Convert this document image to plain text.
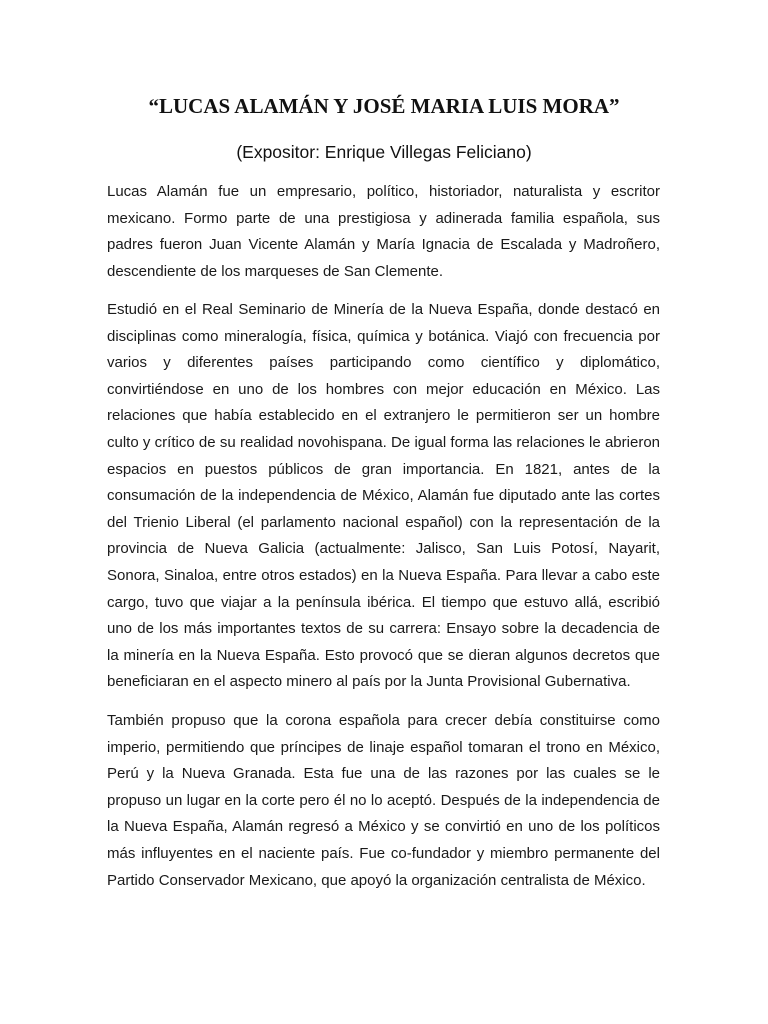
“LUCAS ALAMÁN Y JOSÉ MARIA LUIS MORA”

(Expositor: Enrique Villegas Feliciano)

Lucas Alamán fue un empresario, político, historiador, naturalista y escritor mexicano. Formo parte de una prestigiosa y adinerada familia española, sus padres fueron Juan Vicente Alamán y María Ignacia de Escalada y Madroñero, descendiente de los marqueses de San Clemente.

Estudió en el Real Seminario de Minería de la Nueva España, donde destacó en disciplinas como mineralogía, física, química y botánica. Viajó con frecuencia por varios y diferentes países participando como científico y diplomático, convirtiéndose en uno de los hombres con mejor educación en México. Las relaciones que había establecido en el extranjero le permitieron ser un hombre culto y crítico de su realidad novohispana. De igual forma las relaciones le abrieron espacios en puestos públicos de gran importancia. En 1821, antes de la consumación de la independencia de México, Alamán fue diputado ante las cortes del Trienio Liberal (el parlamento nacional español) con la representación de la provincia de Nueva Galicia (actualmente: Jalisco, San Luis Potosí, Nayarit, Sonora, Sinaloa, entre otros estados) en la Nueva España. Para llevar a cabo este cargo, tuvo que viajar a la península ibérica. El tiempo que estuvo allá, escribió uno de los más importantes textos de su carrera: Ensayo sobre la decadencia de la minería en la Nueva España. Esto provocó que se dieran algunos decretos que beneficiaran en el aspecto minero al país por la Junta Provisional Gubernativa.

También propuso que la corona española para crecer debía constituirse como imperio, permitiendo que príncipes de linaje español tomaran el trono en México, Perú y la Nueva Granada. Esta fue una de las razones por las cuales se le propuso un lugar en la corte pero él no lo aceptó. Después de la independencia de la Nueva España, Alamán regresó a México y se convirtió en uno de los políticos más influyentes en el naciente país. Fue co-fundador y miembro permanente del Partido Conservador Mexicano, que apoyó la organización centralista de México.
